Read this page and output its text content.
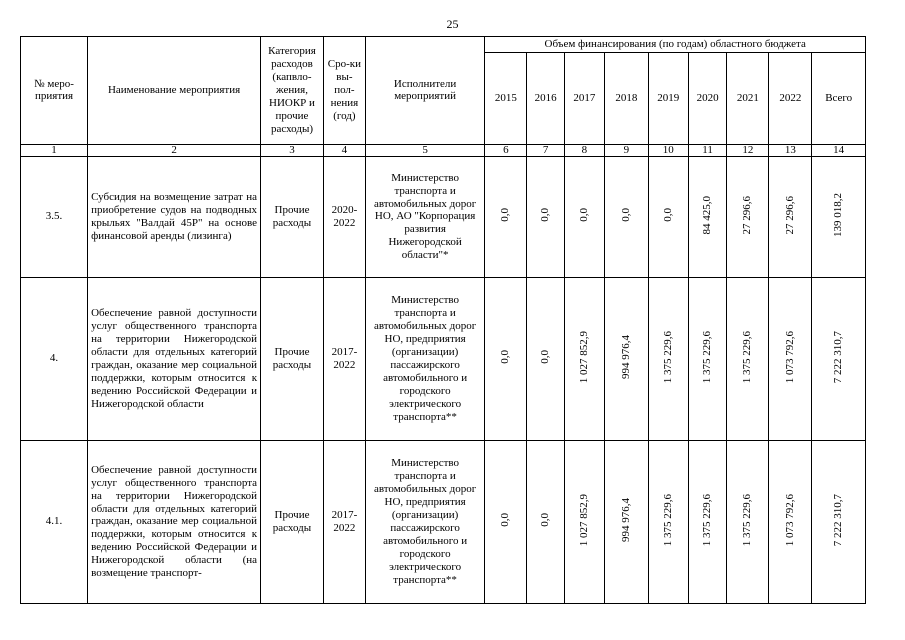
25
№ меро-приятия	Наименование мероприятия	Категория расходов (капвло-жения, НИОКР и прочие расходы)	Сро-ки вы-пол-нения (год)	Исполнители мероприятий	Объем финансирования (по годам) областного бюджета								
					2015	2016	2017	2018	2019	2020	2021	2022	Всего
1	2	3	4	5	6	7	8	9	10	11	12	13	14
3.5.	Субсидия на возмещение затрат на приобретение судов на подводных крыльях "Валдай 45Р" на основе финансовой аренды (лизинга)	Прочие расходы	2020-2022	Министерство транспорта и автомобильных дорог НО, АО "Корпорация развития Нижегородской области"*	0,0	0,0	0,0	0,0	0,0	84 425,0	27 296,6	27 296,6	139 018,2
4.	Обеспечение равной доступности услуг общественного транспорта на территории Нижегородской области для отдельных категорий граждан, оказание мер социальной поддержки, которым относится к ведению Российской Федерации и Нижегородской области	Прочие расходы	2017-2022	Министерство транспорта и автомобильных дорог НО, предприятия (организации) пассажирского автомобильного и городского электрического транспорта**	0,0	0,0	1 027 852,9	994 976,4	1 375 229,6	1 375 229,6	1 375 229,6	1 073 792,6	7 222 310,7
4.1.	Обеспечение равной доступности услуг общественного транспорта на территории Нижегородской области для отдельных категорий граждан, оказание мер социальной поддержки, которым относится к ведению Российской Федерации и Нижегородской области (на возмещение транспорт-	Прочие расходы	2017-2022	Министерство транспорта и автомобильных дорог НО, предприятия (организации) пассажирского автомобильного и городского электрического транспорта**	0,0	0,0	1 027 852,9	994 976,4	1 375 229,6	1 375 229,6	1 375 229,6	1 073 792,6	7 222 310,7
